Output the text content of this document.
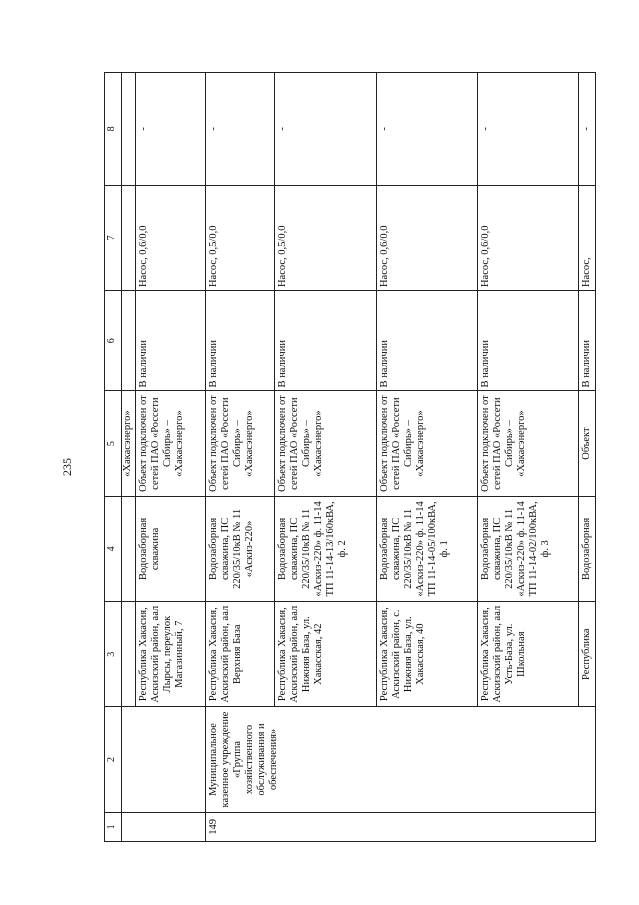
235
1	2	3	4	5	6	7	8
				«Хакасэнерго»			
		Республика Хакасия, Аскизский район, аал Лырсы, переулок Магазинный, 7	Водозаборная скважина	Объект подключен от сетей ПАО «Россети Сибирь» – «Хакасэнерго»	В наличии	Насос, 0,6/0,0	-
149	Муниципальное казенное учреждение «Группа хозяйственного обслуживания и обеспечения»	Республика Хакасия, Аскизский район, аал Верхняя База	Водозаборная скважина, ПС 220/35/10кВ № 11 «Аскиз-220»	Объект подключен от сетей ПАО «Россети Сибирь» – «Хакасэнерго»	В наличии	Насос, 0,5/0,0	-
		Республика Хакасия, Аскизский район, аал Нижняя База, ул. Хакасская, 42	Водозаборная скважина, ПС 220/35/10кВ № 11 «Аскиз-220» ф. 11-14 ТП 11-14-13/160кВА, ф. 2	Объект подключен от сетей ПАО «Россети Сибирь» – «Хакасэнерго»	В наличии	Насос, 0,5/0,0	-
		Республика Хакасия, Аскизский район, с. Нижняя База, ул. Хакасская, 40	Водозаборная скважина, ПС 220/35/10кВ № 11 «Аскиз-220» ф. 11-14 ТП 11-14-05/100кВА, ф. 1	Объект подключен от сетей ПАО «Россети Сибирь» – «Хакасэнерго»	В наличии	Насос, 0,6/0,0	-
		Республика Хакасия, Аскизский район, аал Усть-База, ул. Школьная	Водозаборная скважина, ПС 220/35/10кВ № 11 «Аскиз-220» ф. 11-14 ТП 11-14-02/100кВА, ф. 3	Объект подключен от сетей ПАО «Россети Сибирь» – «Хакасэнерго»	В наличии	Насос, 0,6/0,0	-
		Республика	Водозаборная	Объект	В наличии	Насос,	-
